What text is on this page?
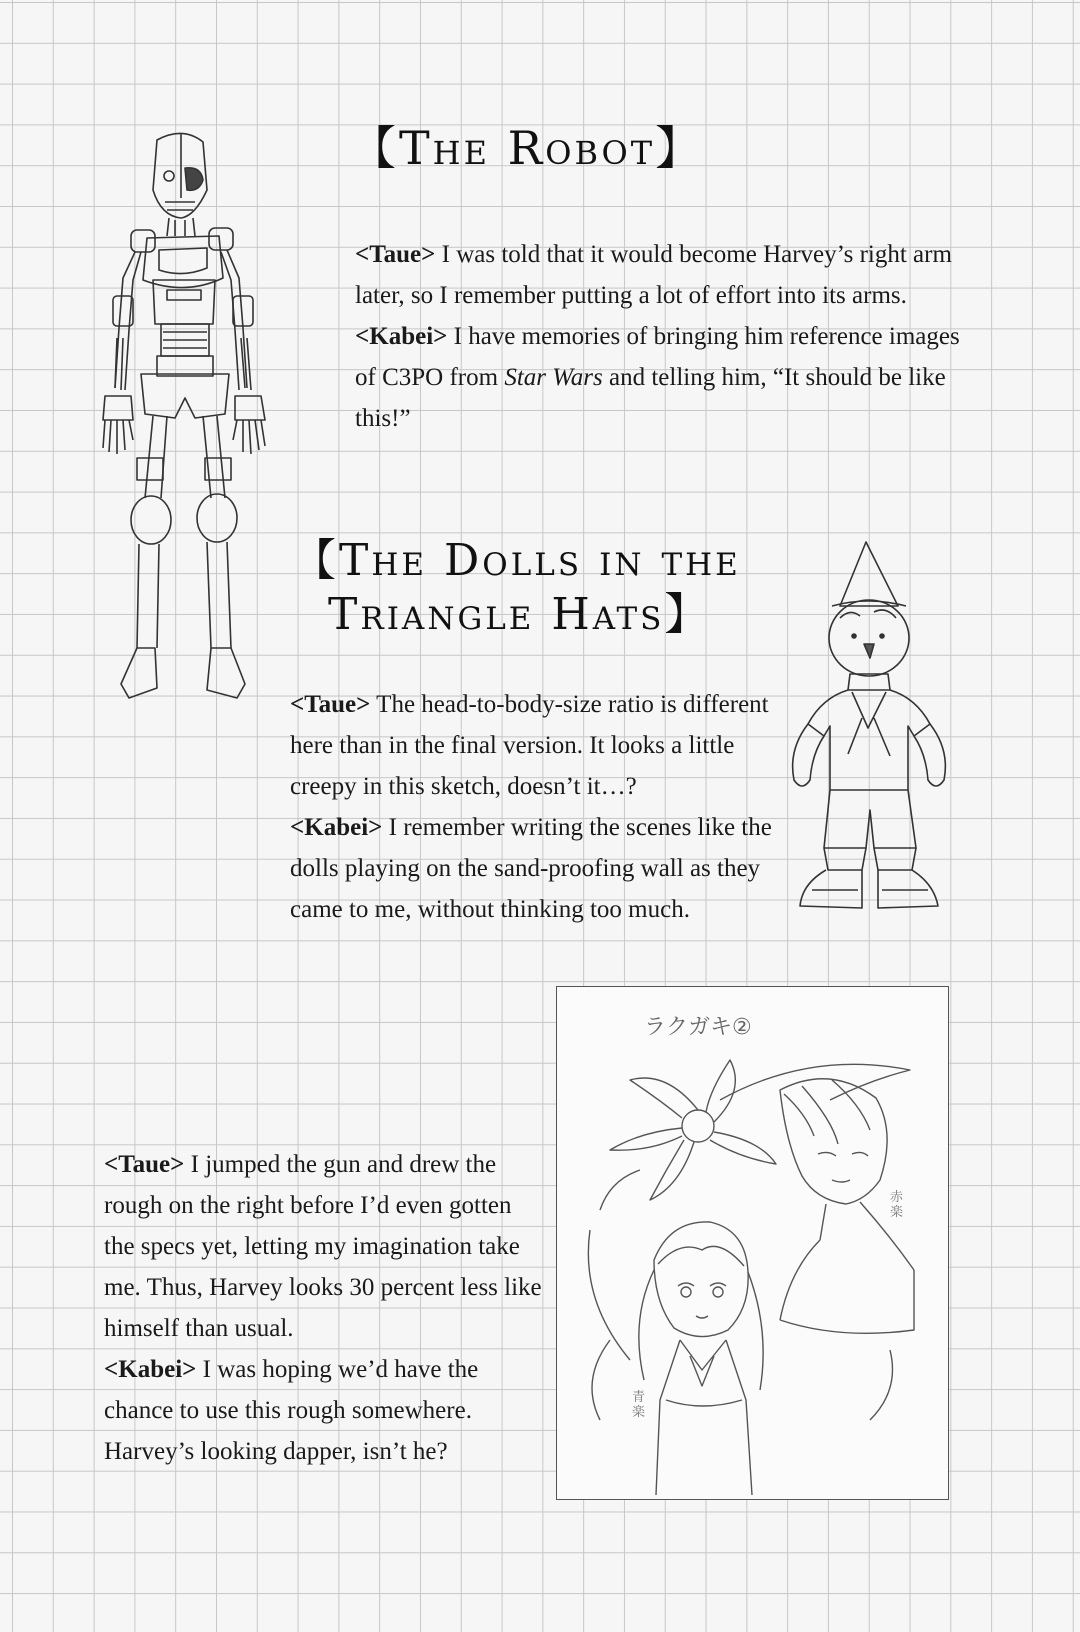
ラクガキ②
赤楽
青楽
【The Robot】

<Taue> I was told that it would become Harvey’s right arm later, so I remember putting a lot of effort into its arms.

<Kabei> I have memories of bringing him reference images of C3PO from Star Wars and telling him, “It should be like this!”

【The Dolls in the
Triangle Hats】

<Taue> The head-to-body-size ratio is different here than in the final version. It looks a little creepy in this sketch, doesn’t it…?

<Kabei> I remember writing the scenes like the dolls playing on the sand-proofing wall as they came to me, without thinking too much.

<Taue> I jumped the gun and drew the rough on the right before I’d even gotten the specs yet, letting my imagination take me. Thus, Harvey looks 30 percent less like himself than usual.

<Kabei> I was hoping we’d have the chance to use this rough somewhere. Harvey’s looking dapper, isn’t he?
